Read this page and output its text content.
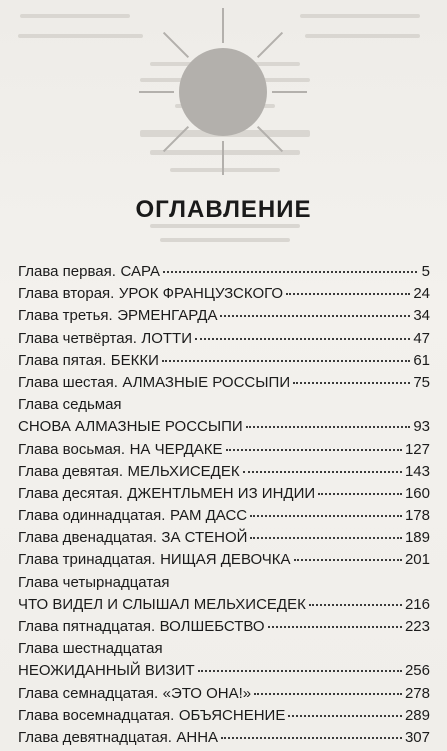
ОГЛАВЛЕНИЕ
Глава первая. САРА	5
Глава вторая. УРОК ФРАНЦУЗСКОГО	24
Глава третья. ЭРМЕНГАРДА	34
Глава четвёртая. ЛОТТИ	47
Глава пятая. БЕККИ	61
Глава шестая. АЛМАЗНЫЕ РОССЫПИ	75
Глава седьмая
СНОВА АЛМАЗНЫЕ РОССЫПИ	93
Глава восьмая. НА ЧЕРДАКЕ	127
Глава девятая. МЕЛЬХИСЕДЕК	143
Глава десятая. ДЖЕНТЛЬМЕН ИЗ ИНДИИ	160
Глава одиннадцатая. РАМ ДАСС	178
Глава двенадцатая. ЗА СТЕНОЙ	189
Глава тринадцатая. НИЩАЯ ДЕВОЧКА	201
Глава четырнадцатая
ЧТО ВИДЕЛ И СЛЫШАЛ МЕЛЬХИСЕДЕК	216
Глава пятнадцатая. ВОЛШЕБСТВО	223
Глава шестнадцатая
НЕОЖИДАННЫЙ ВИЗИТ	256
Глава семнадцатая. «ЭТО ОНА!»	278
Глава восемнадцатая. ОБЪЯСНЕНИЕ	289
Глава девятнадцатая. АННА	307
